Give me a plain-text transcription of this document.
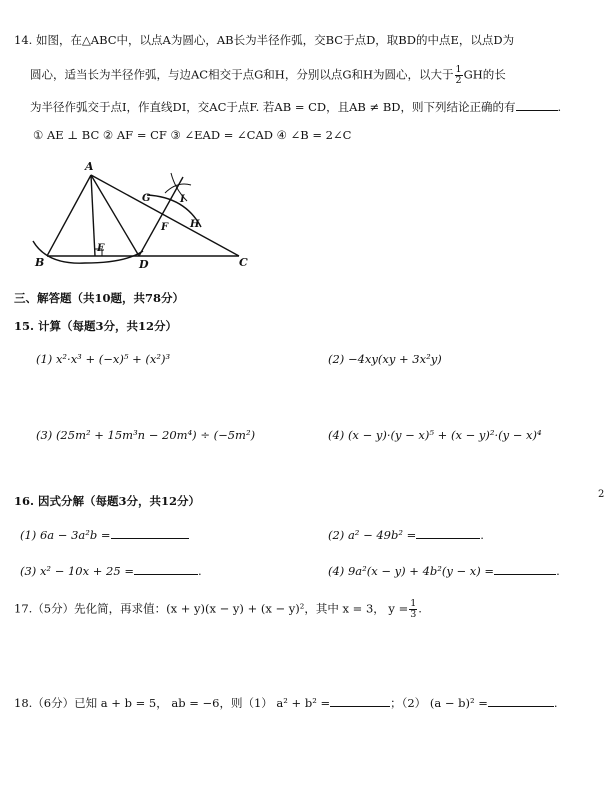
14. 如图，在△ABC中，以点A为圆心，AB长为半径作弧，交BC于点D，取BD的中点E，以点D为
圆心，适当长为半径作弧，与边AC相交于点G和H，分别以点G和H为圆心，以大于 $\frac{1}{2}$ GH的长
为半径作弧交于点I，作直线DI，交AC于点F. 若AB = CD，且AB ≠ BD，则下列结论正确的有	.
① AE ⊥ BC ② AF = CF ③ ∠EAD = ∠CAD ④ ∠B = 2∠C
A
B	C
D
E
F
G
H
I
三、解答题（共10题，共78分）
15. 计算（每题3分，共12分）
(1) x²·x³ + (−x)⁵ + (x²)³	(2) −4xy(xy + 3x²y)
(3) (25m² + 15m³n − 20m⁴) ÷ (−5m²)	(4) (x − y)·(y − x)⁵ + (x − y)²·(y − x)⁴
16. 因式分解（每题3分，共12分）
(1) 6a − 3a²b =	(2) a² − 49b² =	.
(3) x² − 10x + 25 =	.	(4) 9a²(x − y) + 4b²(y − x) =	.
17.（5分）先化简，再求值：(x + y)(x − y) + (x − y)²，其中 x = 3， $y = \frac{1}{3}$ .
18.（6分）已知 a + b = 5， ab = −6，则（1） a² + b² =	；（2） (a − b)² =	.
2
